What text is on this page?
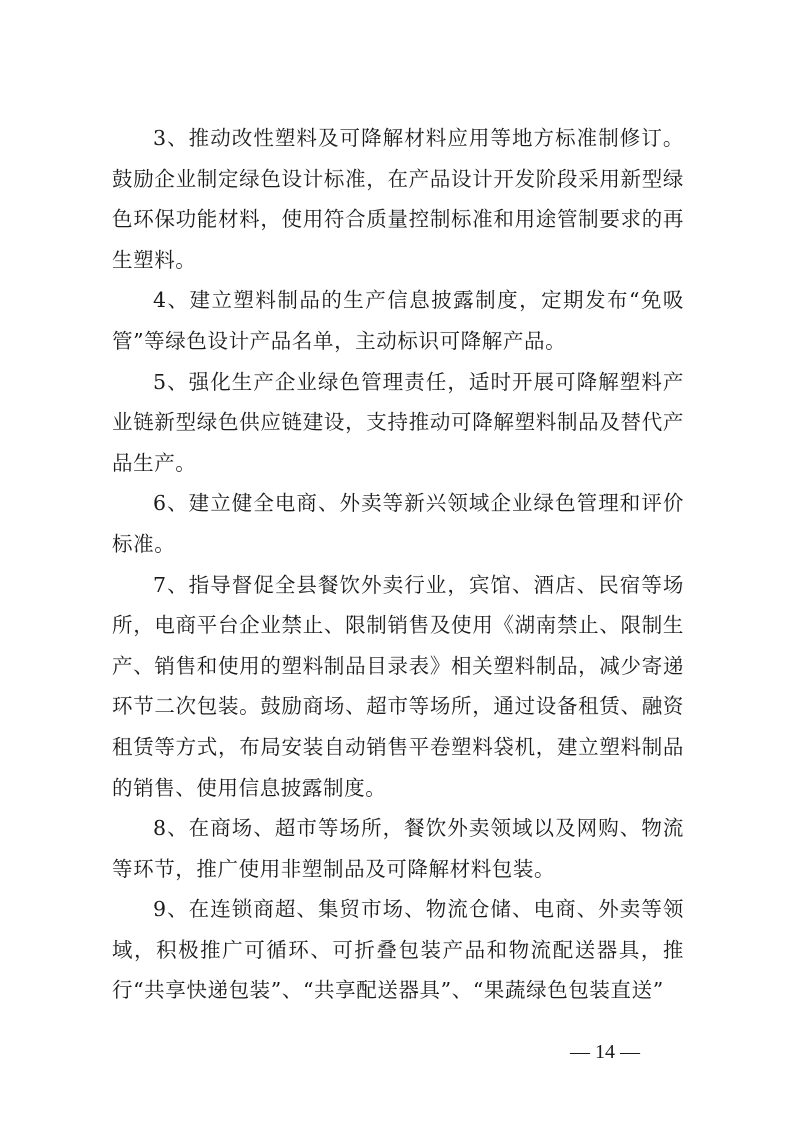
3、推动改性塑料及可降解材料应用等地方标准制修订。鼓励企业制定绿色设计标准，在产品设计开发阶段采用新型绿色环保功能材料，使用符合质量控制标准和用途管制要求的再生塑料。

4、建立塑料制品的生产信息披露制度，定期发布“免吸管”等绿色设计产品名单，主动标识可降解产品。

5、强化生产企业绿色管理责任，适时开展可降解塑料产业链新型绿色供应链建设，支持推动可降解塑料制品及替代产品生产。

6、建立健全电商、外卖等新兴领域企业绿色管理和评价标准。

7、指导督促全县餐饮外卖行业，宾馆、酒店、民宿等场所，电商平台企业禁止、限制销售及使用《湖南禁止、限制生产、销售和使用的塑料制品目录表》相关塑料制品，减少寄递环节二次包装。鼓励商场、超市等场所，通过设备租赁、融资租赁等方式，布局安装自动销售平卷塑料袋机，建立塑料制品的销售、使用信息披露制度。

8、在商场、超市等场所，餐饮外卖领域以及网购、物流等环节，推广使用非塑制品及可降解材料包装。

9、在连锁商超、集贸市场、物流仓储、电商、外卖等领域，积极推广可循环、可折叠包装产品和物流配送器具，推行“共享快递包装”、“共享配送器具”、“果蔬绿色包装直送”

— 14 —
